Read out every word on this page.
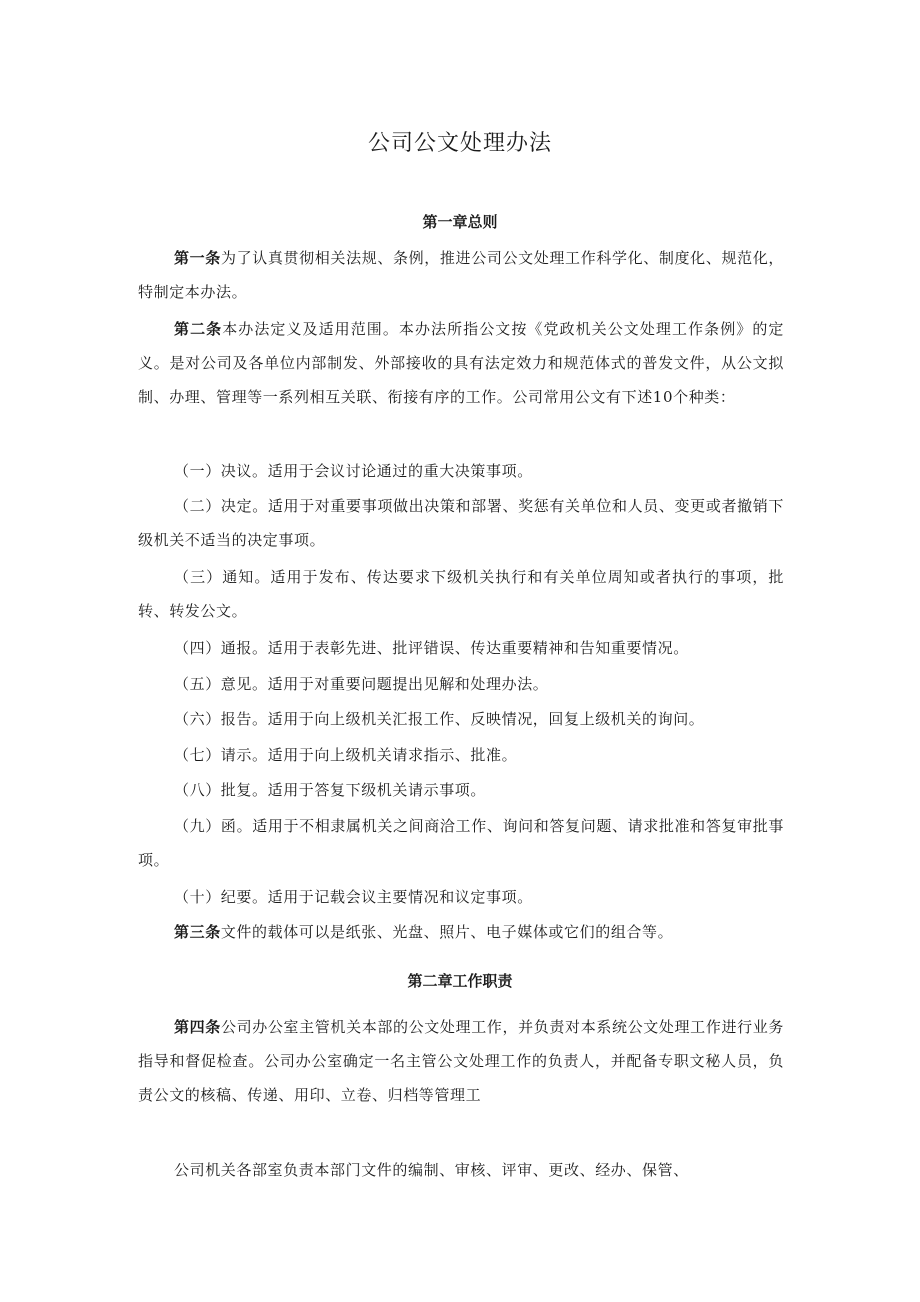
公司公文处理办法
第一章总则
第一条为了认真贯彻相关法规、条例，推进公司公文处理工作科学化、制度化、规范化，特制定本办法。
第二条本办法定义及适用范围。本办法所指公文按《党政机关公文处理工作条例》的定义。是对公司及各单位内部制发、外部接收的具有法定效力和规范体式的普发文件，从公文拟制、办理、管理等一系列相互关联、衔接有序的工作。公司常用公文有下述10个种类：
（一）决议。适用于会议讨论通过的重大决策事项。
（二）决定。适用于对重要事项做出决策和部署、奖惩有关单位和人员、变更或者撤销下级机关不适当的决定事项。
（三）通知。适用于发布、传达要求下级机关执行和有关单位周知或者执行的事项，批转、转发公文。
（四）通报。适用于表彰先进、批评错误、传达重要精神和告知重要情况。
（五）意见。适用于对重要问题提出见解和处理办法。
（六）报告。适用于向上级机关汇报工作、反映情况，回复上级机关的询问。
（七）请示。适用于向上级机关请求指示、批准。
（八）批复。适用于答复下级机关请示事项。
（九）函。适用于不相隶属机关之间商洽工作、询问和答复问题、请求批准和答复审批事项。
（十）纪要。适用于记载会议主要情况和议定事项。
第三条文件的载体可以是纸张、光盘、照片、电子媒体或它们的组合等。
第二章工作职责
第四条公司办公室主管机关本部的公文处理工作，并负责对本系统公文处理工作进行业务指导和督促检查。公司办公室确定一名主管公文处理工作的负责人，并配备专职文秘人员，负责公文的核稿、传递、用印、立卷、归档等管理工
公司机关各部室负责本部门文件的编制、审核、评审、更改、经办、保管、
